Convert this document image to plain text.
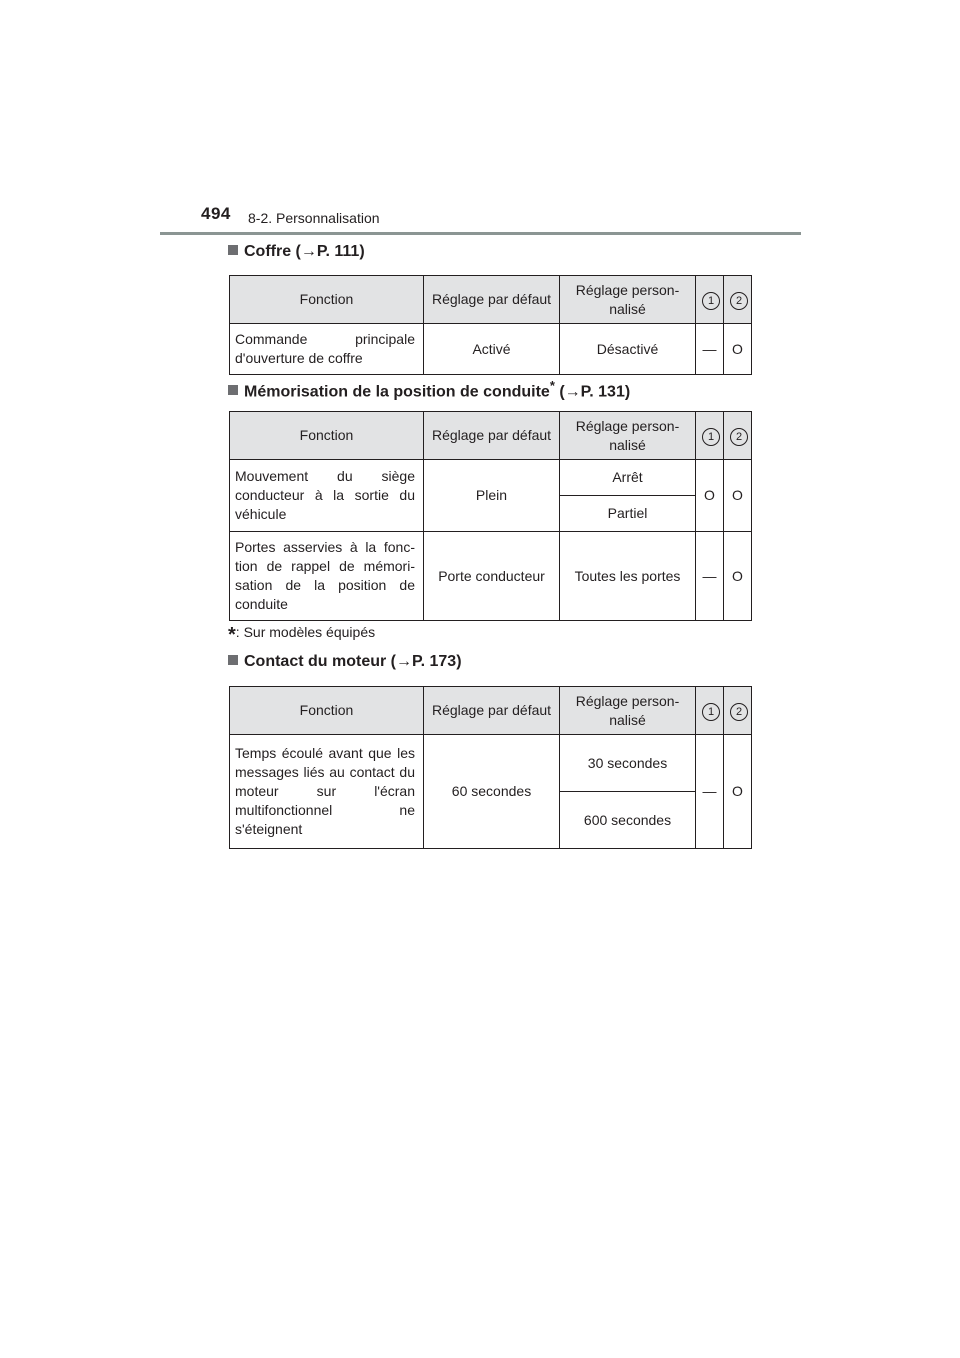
494 8-2. Personnalisation
Coffre (→P. 111)
Fonction	Réglage par défaut	Réglage person-nalisé	1	2
Commande principale d'ouverture de coffre	Activé	Désactivé	—	O
Mémorisation de la position de conduite* (→P. 131)
Fonction	Réglage par défaut	Réglage person-nalisé	1	2
Mouvement du siège conducteur à la sortie du véhicule	Plein	Arrêt	O	O
		Partiel		
Portes asservies à la fonc-tion de rappel de mémori-sation de la position de conduite	Porte conducteur	Toutes les portes	—	O
*: Sur modèles équipés
Contact du moteur (→P. 173)
Fonction	Réglage par défaut	Réglage person-nalisé	1	2
Temps écoulé avant que les messages liés au contact du moteur sur l'écran multifonctionnel ne s'éteignent	60 secondes	30 secondes	—	O
		600 secondes		
